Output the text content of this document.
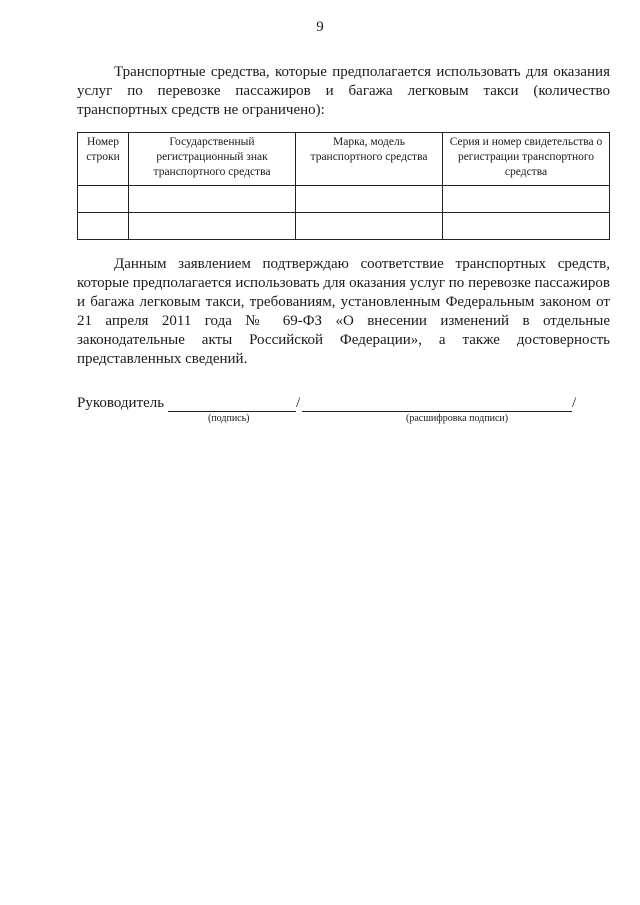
9

Транспортные средства, которые предполагается использовать для оказания услуг по перевозке пассажиров и багажа легковым такси (количество транспортных средств не ограничено):

Номер строки	Государственный регистрационный знак транспортного средства	Марка, модель транспортного средства	Серия и номер свидетельства о регистрации транспортного средства

Данным заявлением подтверждаю соответствие транспортных средств, которые предполагается использовать для оказания услуг по перевозке пассажиров и багажа легковым такси, требованиям, установленным Федеральным законом от 21 апреля 2011 года № 69-ФЗ «О внесении изменений в отдельные законодательные акты Российской Федерации», а также достоверность представленных сведений.

Руководитель	/	/
(подпись)	(расшифровка подписи)
